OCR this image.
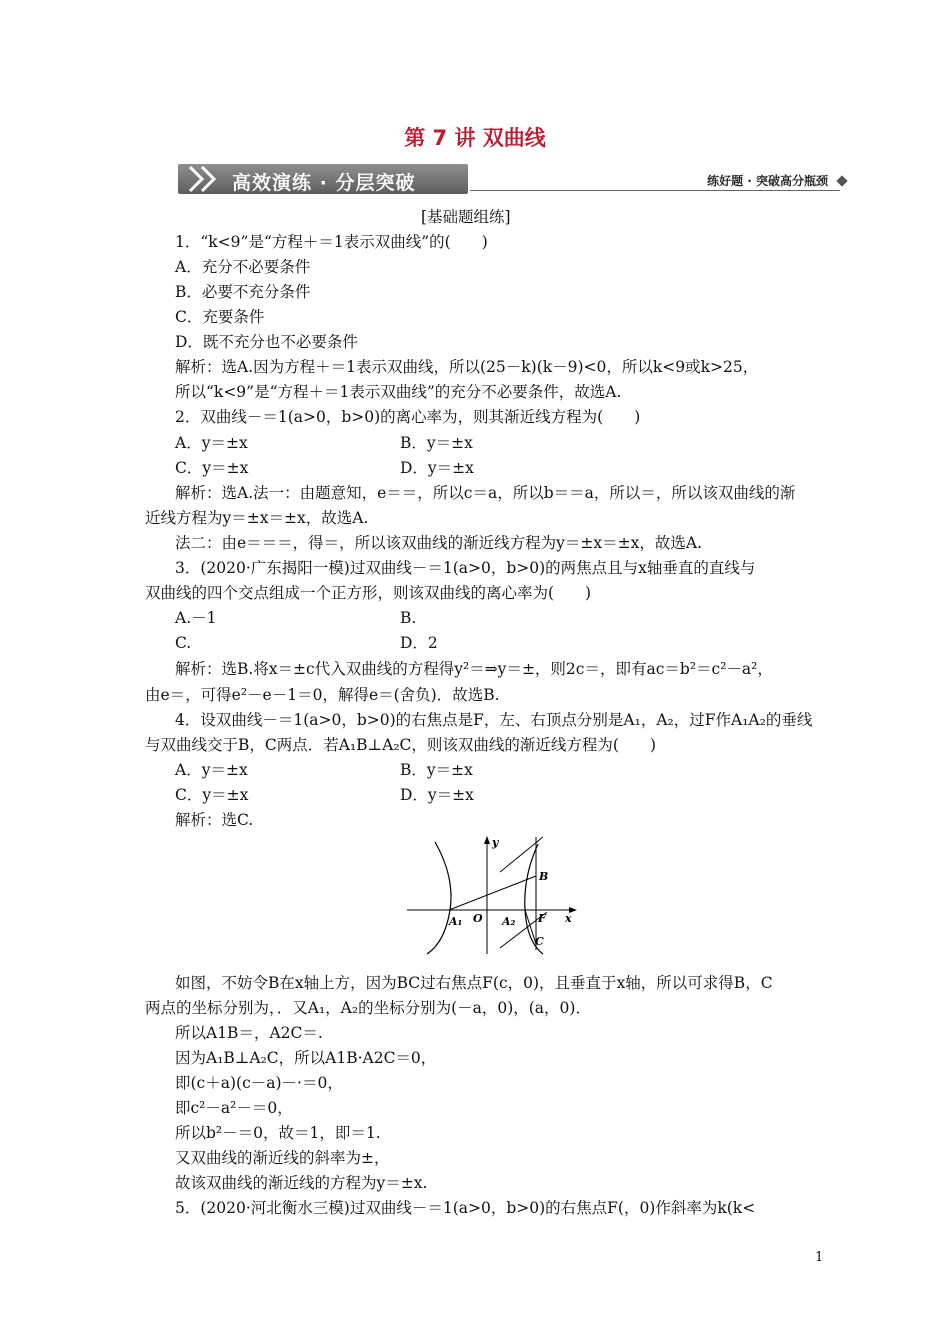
第 7 讲 双曲线
高效演练 · 分层突破	练好题 · 突破高分瓶颈
[基础题组练]
1．“k<9”是“方程＋＝1表示双曲线”的(　　)
A．充分不必要条件
B．必要不充分条件
C．充要条件
D．既不充分也不必要条件
解析：选A.因为方程＋＝1表示双曲线，所以(25－k)(k－9)<0，所以k<9或k>25，
所以“k<9”是“方程＋＝1表示双曲线”的充分不必要条件，故选A.
2．双曲线－＝1(a>0，b>0)的离心率为，则其渐近线方程为(　　)
A．y＝±x	B．y＝±x
C．y＝±x	D．y＝±x
解析：选A.法一：由题意知，e＝＝，所以c＝a，所以b＝＝a，所以＝，所以该双曲线的渐
近线方程为y＝±x＝±x，故选A.
法二：由e＝＝＝，得＝，所以该双曲线的渐近线方程为y＝±x＝±x，故选A.
3．(2020·广东揭阳一模)过双曲线－＝1(a>0，b>0)的两焦点且与x轴垂直的直线与
双曲线的四个交点组成一个正方形，则该双曲线的离心率为(　　)
A.－1	B.
C.	D．2
解析：选B.将x＝±c代入双曲线的方程得y²＝⇒y＝±，则2c＝，即有ac＝b²＝c²－a²，
由e＝，可得e²－e－1＝0，解得e＝(舍负)．故选B.
4．设双曲线－＝1(a>0，b>0)的右焦点是F，左、右顶点分别是A₁，A₂，过F作A₁A₂的垂线
与双曲线交于B，C两点．若A₁B⊥A₂C，则该双曲线的渐近线方程为(　　)
A．y＝±x	B．y＝±x
C．y＝±x	D．y＝±x
解析：选C.
y
x
B
C
O	F
A₁	A₂
如图，不妨令B在x轴上方，因为BC过右焦点F(c，0)，且垂直于x轴，所以可求得B，C
两点的坐标分别为，．又A₁，A₂的坐标分别为(－a，0)，(a，0)．
所以A1B＝，A2C＝.
因为A₁B⊥A₂C，所以A1B·A2C＝0，
即(c＋a)(c－a)－·＝0，
即c²－a²－＝0，
所以b²－＝0，故＝1，即＝1.
又双曲线的渐近线的斜率为±，
故该双曲线的渐近线的方程为y＝±x.
5．(2020·河北衡水三模)过双曲线－＝1(a>0，b>0)的右焦点F(，0)作斜率为k(k<
1
